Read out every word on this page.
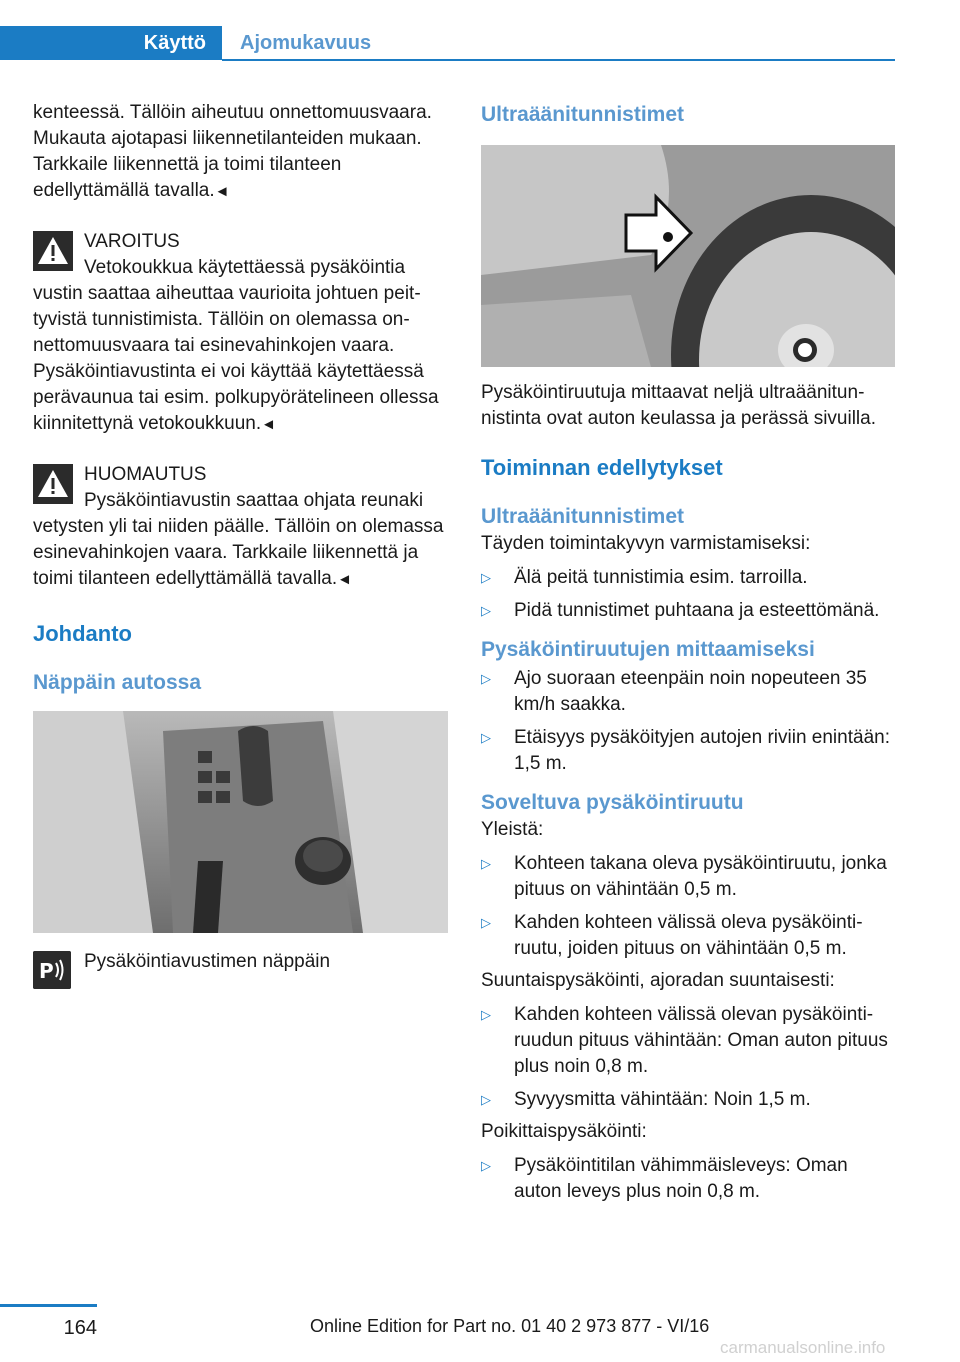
Käyttö	Ajomukavuus

kenteessä. Tällöin aiheutuu onnettomuusvaara. Mukauta ajotapasi liikennetilanteiden mukaan. Tarkkaile liikennettä ja toimi tilanteen edellyttämällä tavalla.◄

VAROITUS

Vetokoukkua käytettäessä pysäköintia

vustin saattaa aiheuttaa vaurioita johtuen peittyvistä tunnistimista. Tällöin on olemassa onnettomuusvaara tai esinevahinkojen vaara. Pysäköintiavustinta ei voi käyttää käytettäessä perävaunua tai esim. polkupyörätelineen ollessa kiinnitettynä vetokoukkuun.◄

HUOMAUTUS

Pysäköintiavustin saattaa ohjata reunaki

vetysten yli tai niiden päälle. Tällöin on olemassa esinevahinkojen vaara. Tarkkaile liikennettä ja toimi tilanteen edellyttämällä tavalla.◄

Johdanto
Näppäin autossa
P	Pysäköintiavustimen näppäin

Ultraäänitunnistimet

Pysäköintiruutuja mittaavat neljä ultraäänitunnistinta ovat auton keulassa ja perässä sivuilla.

Toiminnan edellytykset
Ultraäänitunnistimet

Täyden toimintakyvyn varmistamiseksi:

▷ Älä peitä tunnistimia esim. tarroilla.
▷ Pidä tunnistimet puhtaana ja esteettömänä.
Pysäköintiruutujen mittaamiseksi
▷ Ajo suoraan eteenpäin noin nopeuteen 35 km/h saakka.
▷ Etäisyys pysäköityjen autojen riviin enintään: 1,5 m.
Soveltuva pysäköintiruutu

Yleistä:

▷ Kohteen takana oleva pysäköintiruutu, jonka pituus on vähintään 0,5 m.
▷ Kahden kohteen välissä oleva pysäköintiruutu, joiden pituus on vähintään 0,5 m.

Suuntaispysäköinti, ajoradan suuntaisesti:

▷ Kahden kohteen välissä olevan pysäköintiruudun pituus vähintään: Oman auton pituus plus noin 0,8 m.
▷ Syvyysmitta vähintään: Noin 1,5 m.

Poikittaispysäköinti:

▷ Pysäköintitilan vähimmäisleveys: Oman auton leveys plus noin 0,8 m.
164	Online Edition for Part no. 01 40 2 973 877 - VI/16
carmanualsonline.info
